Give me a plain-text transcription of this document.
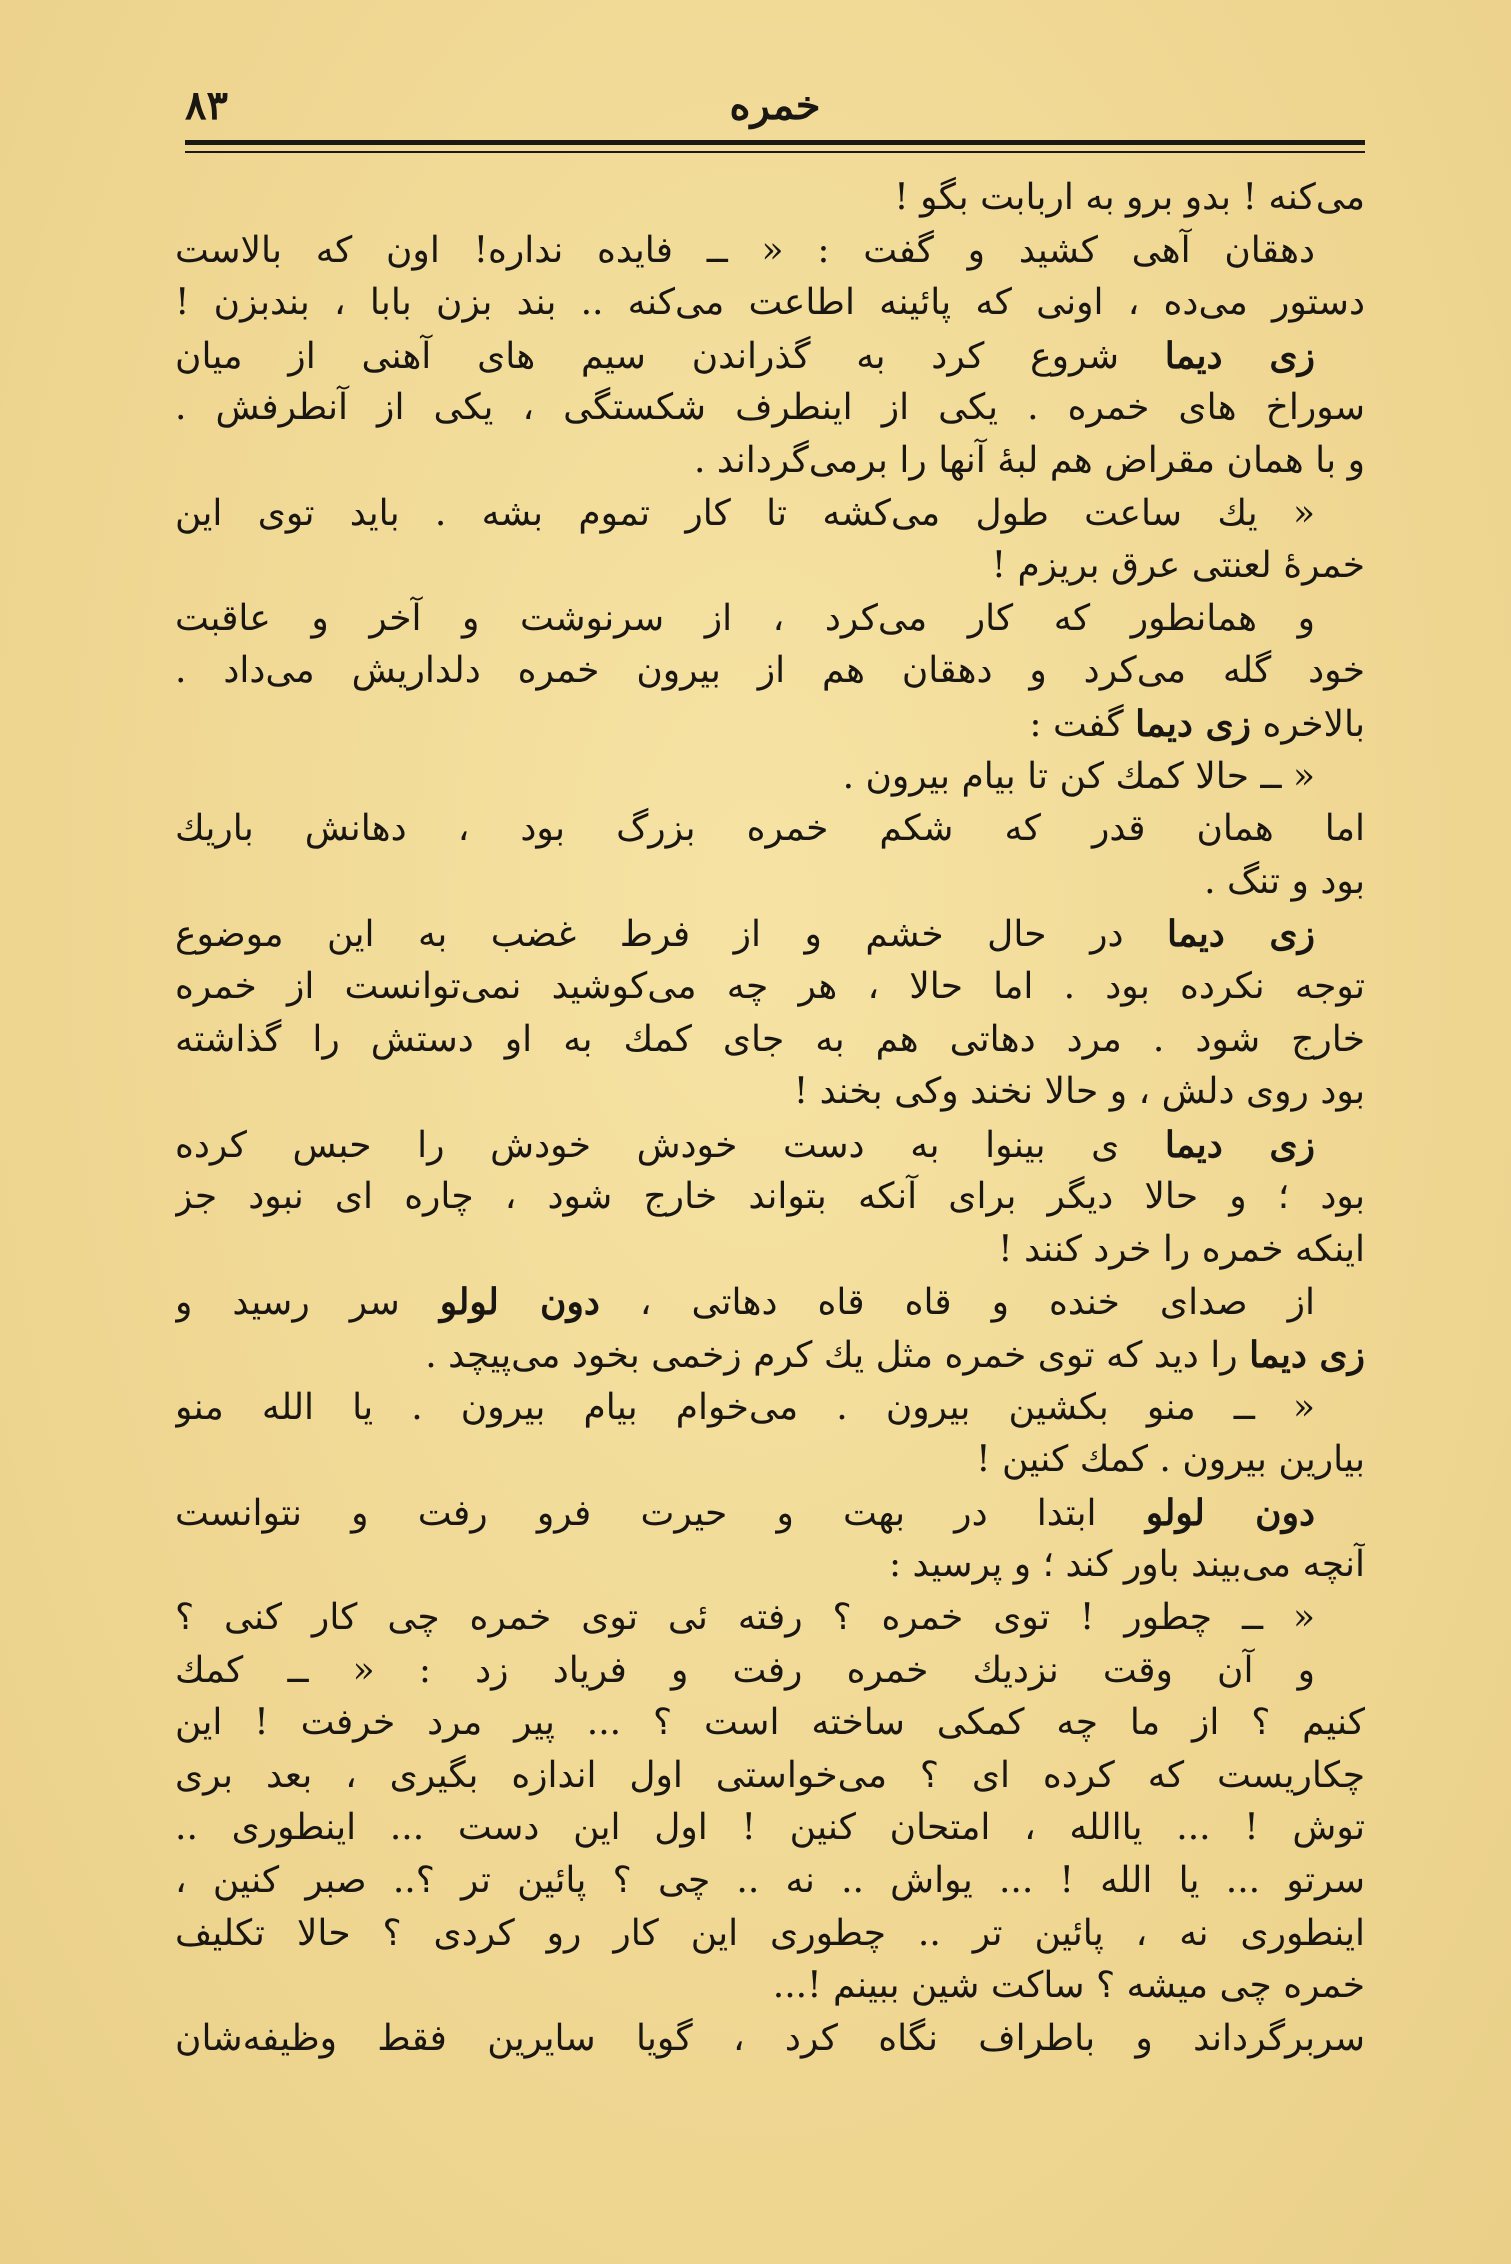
خمره
۸۳
می‌کنه ! بدو برو به اربابت بگو !
دهقان آهی کشید و گفت : « ــ فایده نداره! اون که بالاست
دستور می‌ده ، اونی که پائینه اطاعت می‌کنه .. بند بزن بابا ، بندبزن !
زی دیما شروع کرد به گذراندن سیم های آهنی از میان
سوراخ های خمره . یکی از اینطرف شکستگی ، یکی از آنطرفش .
و با همان مقراض هم لبهٔ آنها را برمی‌گرداند .
« یك ساعت طول می‌کشه تا کار تموم بشه . باید توی این
خمرهٔ لعنتی عرق بریزم !
و همانطور که کار می‌کرد ، از سرنوشت و آخر و عاقبت
خود گله می‌کرد و دهقان هم از بیرون خمره دلداریش می‌داد .
بالاخره زی دیما گفت :
« ــ حالا کمك کن تا بیام بیرون .
اما همان قدر که شکم خمره بزرگ بود ، دهانش باریك
بود و تنگ .
زی دیما در حال خشم و از فرط غضب به این موضوع
توجه نکرده بود . اما حالا ، هر چه می‌کوشید نمی‌توانست از خمره
خارج شود . مرد دهاتی هم به جای کمك به او دستش را گذاشته
بود روی دلش ، و حالا نخند وکی بخند !
زی دیما ی بینوا به دست خودش خودش را حبس کرده
بود ؛ و حالا دیگر برای آنکه بتواند خارج شود ، چاره ای نبود جز
اینکه خمره را خرد کنند !
از صدای خنده و قاه قاه دهاتی ، دون لولو سر رسید و
زی دیما را دید که توی خمره مثل یك کرم زخمی بخود می‌پیچد .
« ــ منو بکشین بیرون . می‌خوام بیام بیرون . یا الله منو
بیارین بیرون . کمك کنین !
دون لولو ابتدا در بهت و حیرت فرو رفت و نتوانست
آنچه می‌بیند باور کند ؛ و پرسید :
« ــ چطور ! توی خمره ؟ رفته ئی توی خمره چی کار کنی ؟
و آن وقت نزدیك خمره رفت و فریاد زد : « ــ کمك
کنیم ؟ از ما چه کمکی ساخته است ؟ ... پیر مرد خرفت ! این
چکاریست که کرده ای ؟ می‌خواستی اول اندازه بگیری ، بعد بری
توش ! ... یاالله ، امتحان کنین ! اول این دست ... اینطوری ..
سرتو ... یا الله ! ... یواش .. نه .. چی ؟ پائین تر ؟.. صبر کنین ،
اینطوری نه ، پائین تر .. چطوری این کار رو کردی ؟ حالا تکلیف
خمره چی میشه ؟ ساکت شین ببینم !...
سربرگرداند و باطراف نگاه کرد ، گویا سایرین فقط وظیفه‌شان
